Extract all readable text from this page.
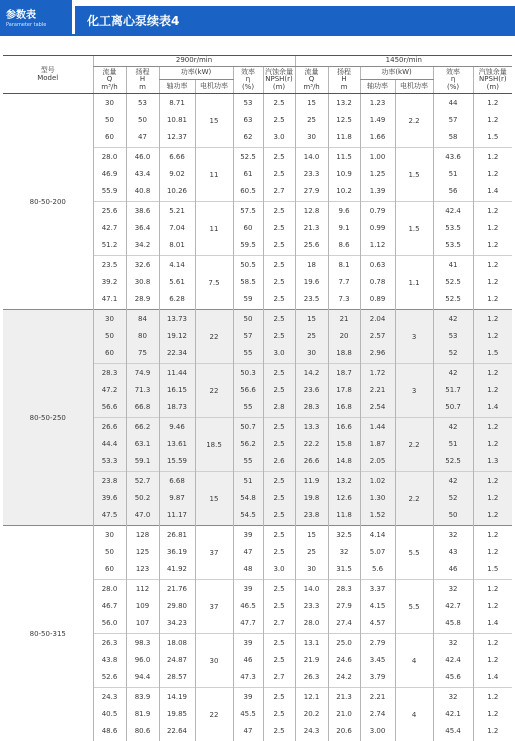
参数表
Parameter table	化工离心泵续表4
型号
Model	2900r/min						1450r/min					
	流量
Q
m³/h	扬程
H
m	功率(kW)		效率
η
(%)	汽蚀余量
NPSH(r)
(m)	流量
Q
m³/h	扬程
H
m	功率(kW)		效率
η
(%)	汽蚀余量
NPSH(r)
(m)
			轴功率	电机功率					轴功率	电机功率		
80-50-200	30	53	8.71	15	53	2.5	15	13.2	1.23	2.2	44	1.2
	50	50	10.81		63	2.5	25	12.5	1.49		57	1.2
	60	47	12.37		62	3.0	30	11.8	1.66		58	1.5

	28.0	46.0	6.66	11	52.5	2.5	14.0	11.5	1.00	1.5	43.6	1.2
	46.9	43.4	9.02		61	2.5	23.3	10.9	1.25		51	1.2
	55.9	40.8	10.26		60.5	2.7	27.9	10.2	1.39		56	1.4

	25.6	38.6	5.21	11	57.5	2.5	12.8	9.6	0.79	1.5	42.4	1.2
	42.7	36.4	7.04		60	2.5	21.3	9.1	0.99		53.5	1.2
	51.2	34.2	8.01		59.5	2.5	25.6	8.6	1.12		53.5	1.2

	23.5	32.6	4.14	7.5	50.5	2.5	18	8.1	0.63	1.1	41	1.2
	39.2	30.8	5.61		58.5	2.5	19.6	7.7	0.78		52.5	1.2
	47.1	28.9	6.28		59	2.5	23.5	7.3	0.89		52.5	1.2

80-50-250	30	84	13.73	22	50	2.5	15	21	2.04	3	42	1.2
	50	80	19.12		57	2.5	25	20	2.57		53	1.2
	60	75	22.34		55	3.0	30	18.8	2.96		52	1.5

	28.3	74.9	11.44	22	50.3	2.5	14.2	18.7	1.72	3	42	1.2
	47.2	71.3	16.15		56.6	2.5	23.6	17.8	2.21		51.7	1.2
	56.6	66.8	18.73		55	2.8	28.3	16.8	2.54		50.7	1.4

	26.6	66.2	9.46	18.5	50.7	2.5	13.3	16.6	1.44	2.2	42	1.2
	44.4	63.1	13.61		56.2	2.5	22.2	15.8	1.87		51	1.2
	53.3	59.1	15.59		55	2.6	26.6	14.8	2.05		52.5	1.3

	23.8	52.7	6.68	15	51	2.5	11.9	13.2	1.02	2.2	42	1.2
	39.6	50.2	9.87		54.8	2.5	19.8	12.6	1.30		52	1.2
	47.5	47.0	11.17		54.5	2.5	23.8	11.8	1.52		50	1.2

80-50-315	30	128	26.81	37	39	2.5	15	32.5	4.14	5.5	32	1.2
	50	125	36.19		47	2.5	25	32	5.07		43	1.2
	60	123	41.92		48	3.0	30	31.5	5.6		46	1.5

	28.0	112	21.76	37	39	2.5	14.0	28.3	3.37	5.5	32	1.2
	46.7	109	29.80		46.5	2.5	23.3	27.9	4.15		42.7	1.2
	56.0	107	34.23		47.7	2.7	28.0	27.4	4.57		45.8	1.4

	26.3	98.3	18.08	30	39	2.5	13.1	25.0	2.79	4	32	1.2
	43.8	96.0	24.87		46	2.5	21.9	24.6	3.45		42.4	1.2
	52.6	94.4	28.57		47.3	2.7	26.3	24.2	3.79		45.6	1.4

	24.3	83.9	14.19	22	39	2.5	12.1	21.3	2.21	4	32	1.2
	40.5	81.9	19.85		45.5	2.5	20.2	21.0	2.74		42.1	1.2
	48.6	80.6	22.64		47	2.5	24.3	20.6	3.00		45.4	1.2
